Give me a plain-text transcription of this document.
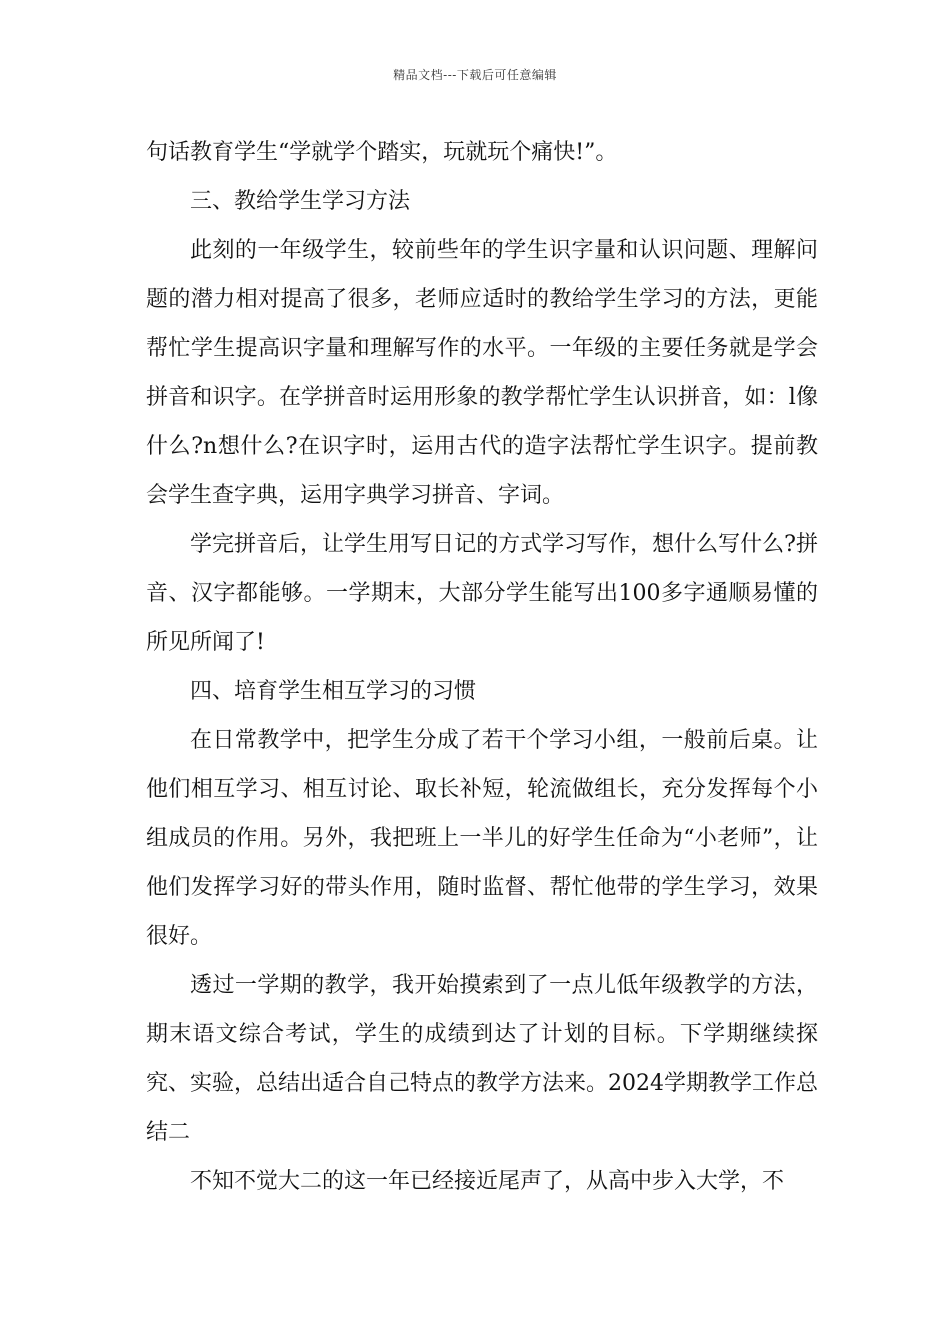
精品文档---下载后可任意编辑

句话教育学生“学就学个踏实，玩就玩个痛快!”。

三、教给学生学习方法

此刻的一年级学生，较前些年的学生识字量和认识问题、理解问题的潜力相对提高了很多，老师应适时的教给学生学习的方法，更能帮忙学生提高识字量和理解写作的水平。一年级的主要任务就是学会拼音和识字。在学拼音时运用形象的教学帮忙学生认识拼音，如：l像什么?n想什么?在识字时，运用古代的造字法帮忙学生识字。提前教会学生查字典，运用字典学习拼音、字词。

学完拼音后，让学生用写日记的方式学习写作，想什么写什么?拼音、汉字都能够。一学期末，大部分学生能写出100多字通顺易懂的所见所闻了!

四、培育学生相互学习的习惯

在日常教学中，把学生分成了若干个学习小组，一般前后桌。让他们相互学习、相互讨论、取长补短，轮流做组长，充分发挥每个小组成员的作用。另外，我把班上一半儿的好学生任命为“小老师”，让他们发挥学习好的带头作用，随时监督、帮忙他带的学生学习，效果很好。

透过一学期的教学，我开始摸索到了一点儿低年级教学的方法，期末语文综合考试，学生的成绩到达了计划的目标。下学期继续探究、实验，总结出适合自己特点的教学方法来。2024学期教学工作总结二

不知不觉大二的这一年已经接近尾声了，从高中步入大学，不
